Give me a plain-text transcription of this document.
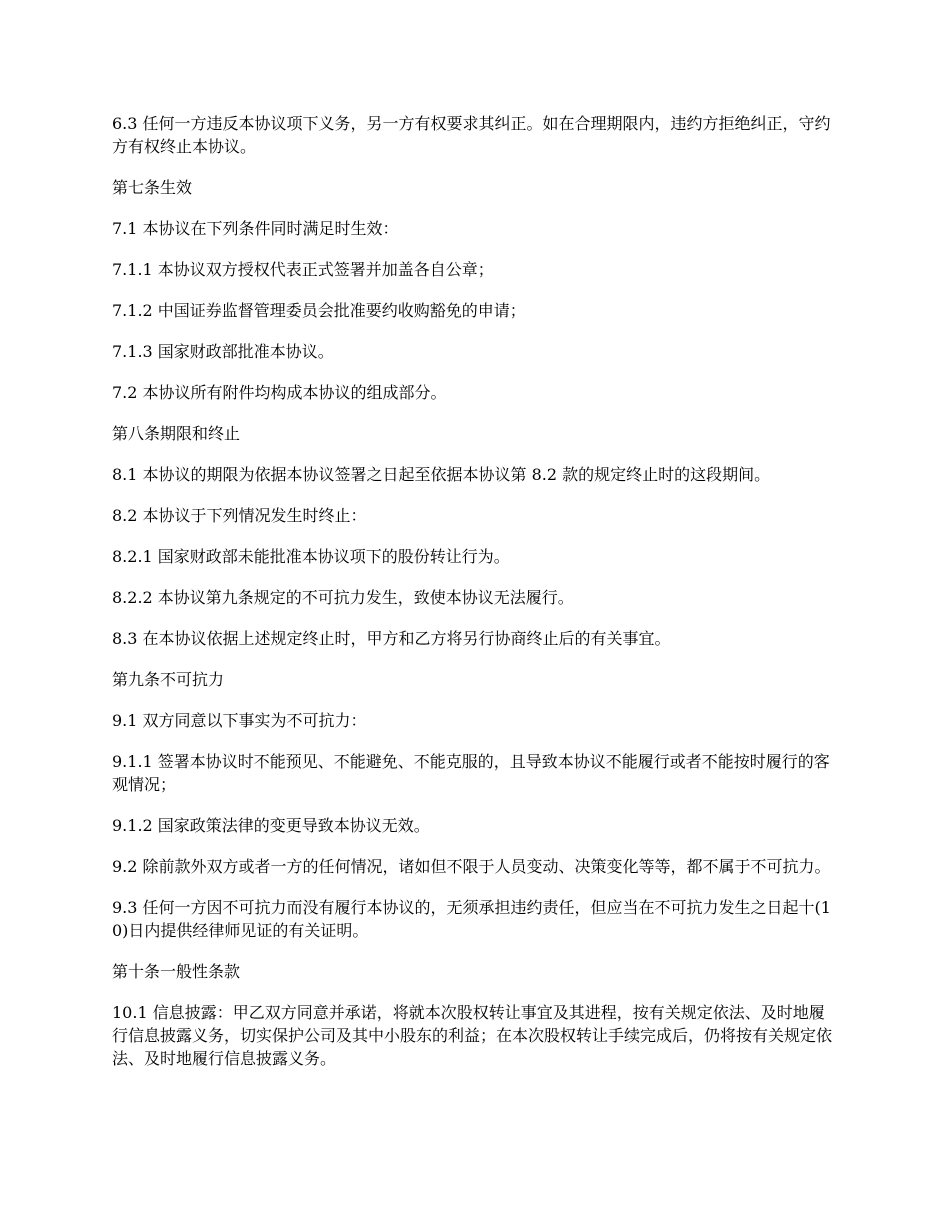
6.3 任何一方违反本协议项下义务，另一方有权要求其纠正。如在合理期限内，违约方拒绝纠正，守约方有权终止本协议。

第七条生效

7.1 本协议在下列条件同时满足时生效：

7.1.1 本协议双方授权代表正式签署并加盖各自公章；

7.1.2 中国证券监督管理委员会批准要约收购豁免的申请；

7.1.3 国家财政部批准本协议。

7.2 本协议所有附件均构成本协议的组成部分。

第八条期限和终止

8.1 本协议的期限为依据本协议签署之日起至依据本协议第 8.2 款的规定终止时的这段期间。

8.2 本协议于下列情况发生时终止：

8.2.1 国家财政部未能批准本协议项下的股份转让行为。

8.2.2 本协议第九条规定的不可抗力发生，致使本协议无法履行。

8.3 在本协议依据上述规定终止时，甲方和乙方将另行协商终止后的有关事宜。

第九条不可抗力

9.1 双方同意以下事实为不可抗力：

9.1.1 签署本协议时不能预见、不能避免、不能克服的，且导致本协议不能履行或者不能按时履行的客观情况；

9.1.2 国家政策法律的变更导致本协议无效。

9.2 除前款外双方或者一方的任何情况，诸如但不限于人员变动、决策变化等等，都不属于不可抗力。

9.3 任何一方因不可抗力而没有履行本协议的，无须承担违约责任，但应当在不可抗力发生之日起十(10)日内提供经律师见证的有关证明。

第十条一般性条款

10.1 信息披露：甲乙双方同意并承诺，将就本次股权转让事宜及其进程，按有关规定依法、及时地履行信息披露义务，切实保护公司及其中小股东的利益；在本次股权转让手续完成后，仍将按有关规定依法、及时地履行信息披露义务。
